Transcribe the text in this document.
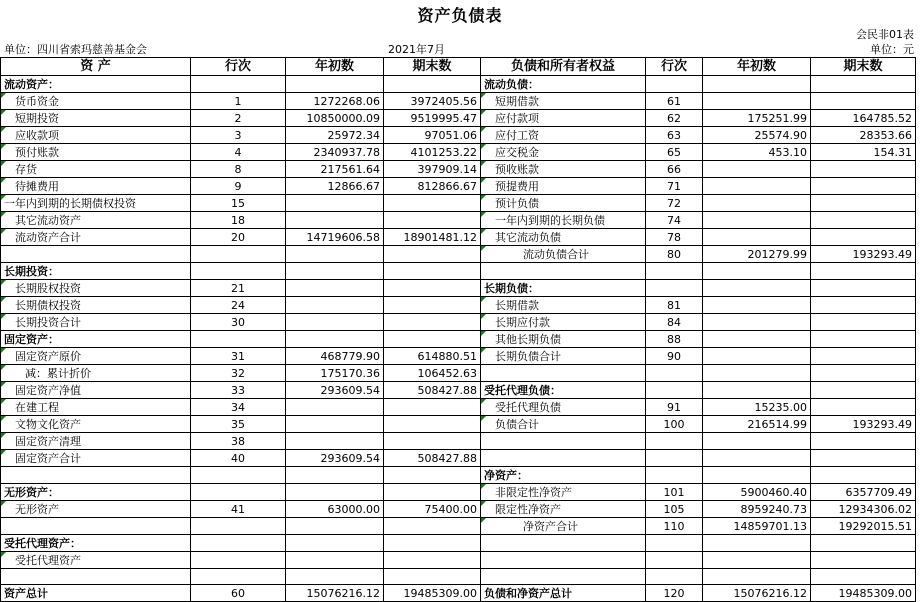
资产负债表
会民非01表
单位：四川省索玛慈善基金会	2021年7月	单位：元
资 产	行次	年初数	期末数	负债和所有者权益	行次	年初数	期末数
流动资产：				流动负债：			
货币资金	1	1272268.06	3972405.56	短期借款	61		
短期投资	2	10850000.09	9519995.47	应付款项	62	175251.99	164785.52
应收款项	3	25972.34	97051.06	应付工资	63	25574.90	28353.66
预付账款	4	2340937.78	4101253.22	应交税金	65	453.10	154.31
存货	8	217561.64	397909.14	预收账款	66		
待摊费用	9	12866.67	812866.67	预提费用	71		
一年内到期的长期债权投资	15			预计负债	72		
其它流动资产	18			一年内到期的长期负债	74		
流动资产合计	20	14719606.58	18901481.12	其它流动负债	78		
				流动负债合计	80	201279.99	193293.49
长期投资：							
长期股权投资	21			长期负债：			
长期债权投资	24			长期借款	81		
长期投资合计	30			长期应付款	84		
固定资产：				其他长期负债	88		
固定资产原价	31	468779.90	614880.51	长期负债合计	90		
减：累计折价	32	175170.36	106452.63				
固定资产净值	33	293609.54	508427.88	受托代理负债：			
在建工程	34			受托代理负债	91	15235.00	
文物文化资产	35			负债合计	100	216514.99	193293.49
固定资产清理	38						
固定资产合计	40	293609.54	508427.88				
				净资产：			
无形资产：				非限定性净资产	101	5900460.40	6357709.49
无形资产	41	63000.00	75400.00	限定性净资产	105	8959240.73	12934306.02
				净资产合计	110	14859701.13	19292015.51
受托代理资产：							
受托代理资产							

资产总计	60	15076216.12	19485309.00	负债和净资产总计	120	15076216.12	19485309.00
